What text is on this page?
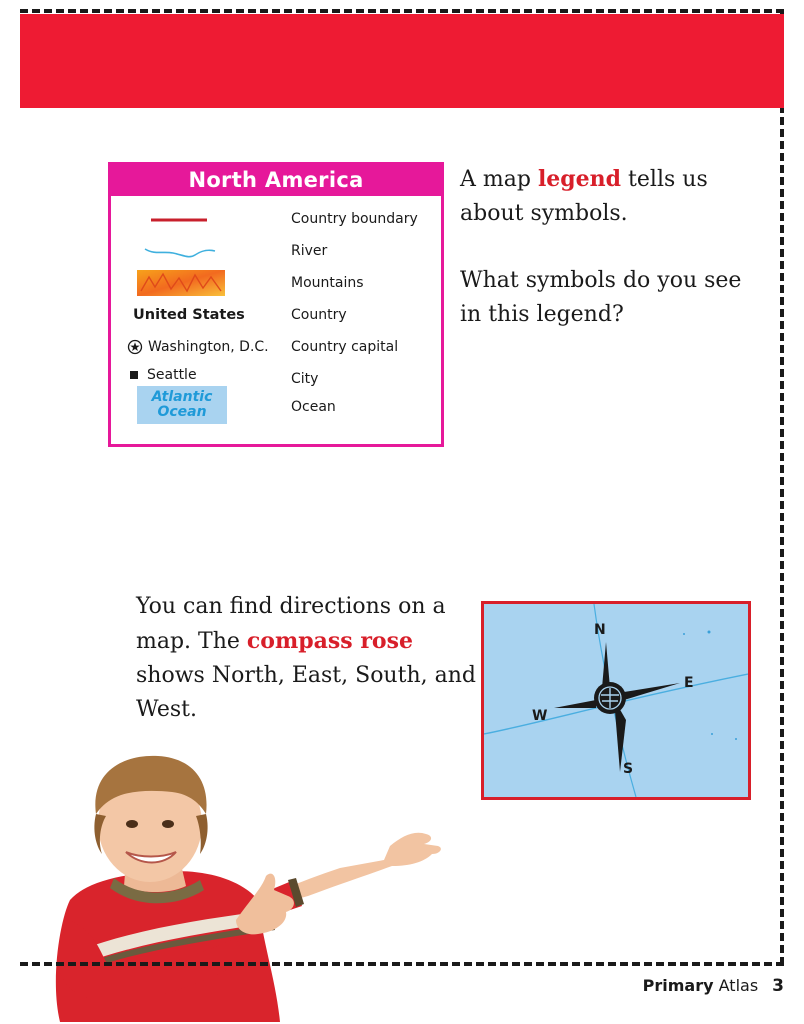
North America
Country boundary
River
Mountains
United States	Country
Washington, D.C. Country capital
Seattle	City
Atlantic
Ocean	Ocean
A map legend tells us about symbols.
What symbols do you see in this legend?
You can find directions on a map. The compass rose shows North, East, South, and West.
N
E
S
W
Primary Atlas 3
